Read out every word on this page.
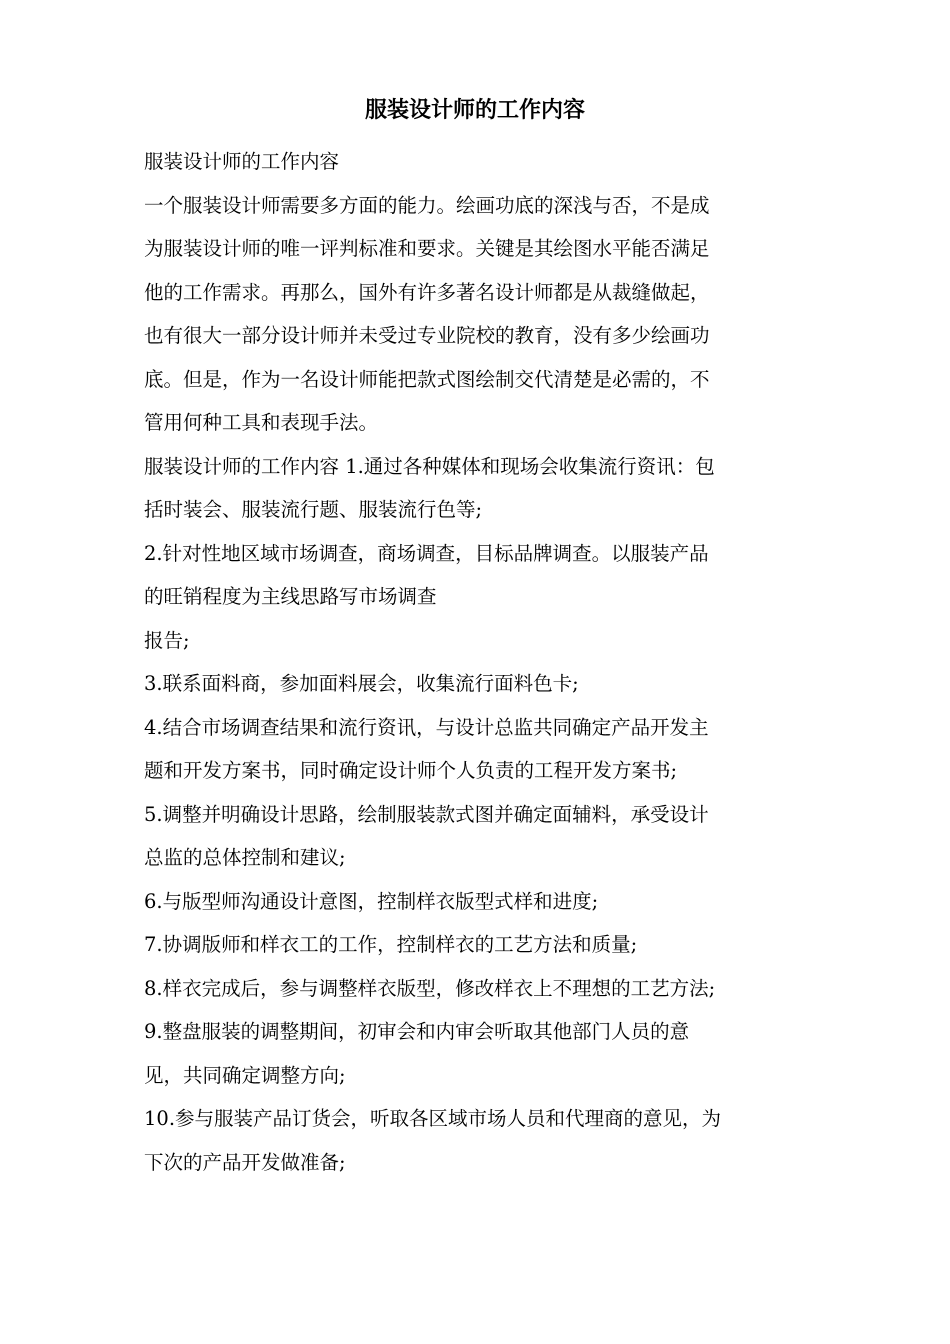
服装设计师的工作内容

服装设计师的工作内容

一个服装设计师需要多方面的能力。绘画功底的深浅与否，不是成

为服装设计师的唯一评判标准和要求。关键是其绘图水平能否满足

他的工作需求。再那么，国外有许多著名设计师都是从裁缝做起，

也有很大一部分设计师并未受过专业院校的教育，没有多少绘画功

底。但是，作为一名设计师能把款式图绘制交代清楚是必需的，不

管用何种工具和表现手法。

服装设计师的工作内容 1.通过各种媒体和现场会收集流行资讯：包

括时装会、服装流行题、服装流行色等;

2.针对性地区域市场调查，商场调查，目标品牌调查。以服装产品

的旺销程度为主线思路写市场调查

报告;

3.联系面料商，参加面料展会，收集流行面料色卡;

4.结合市场调查结果和流行资讯，与设计总监共同确定产品开发主

题和开发方案书，同时确定设计师个人负责的工程开发方案书;

5.调整并明确设计思路，绘制服装款式图并确定面辅料，承受设计

总监的总体控制和建议;

6.与版型师沟通设计意图，控制样衣版型式样和进度;

7.协调版师和样衣工的工作，控制样衣的工艺方法和质量;

8.样衣完成后，参与调整样衣版型，修改样衣上不理想的工艺方法;

9.整盘服装的调整期间，初审会和内审会听取其他部门人员的意

见，共同确定调整方向;

10.参与服装产品订货会，听取各区域市场人员和代理商的意见，为

下次的产品开发做准备;
